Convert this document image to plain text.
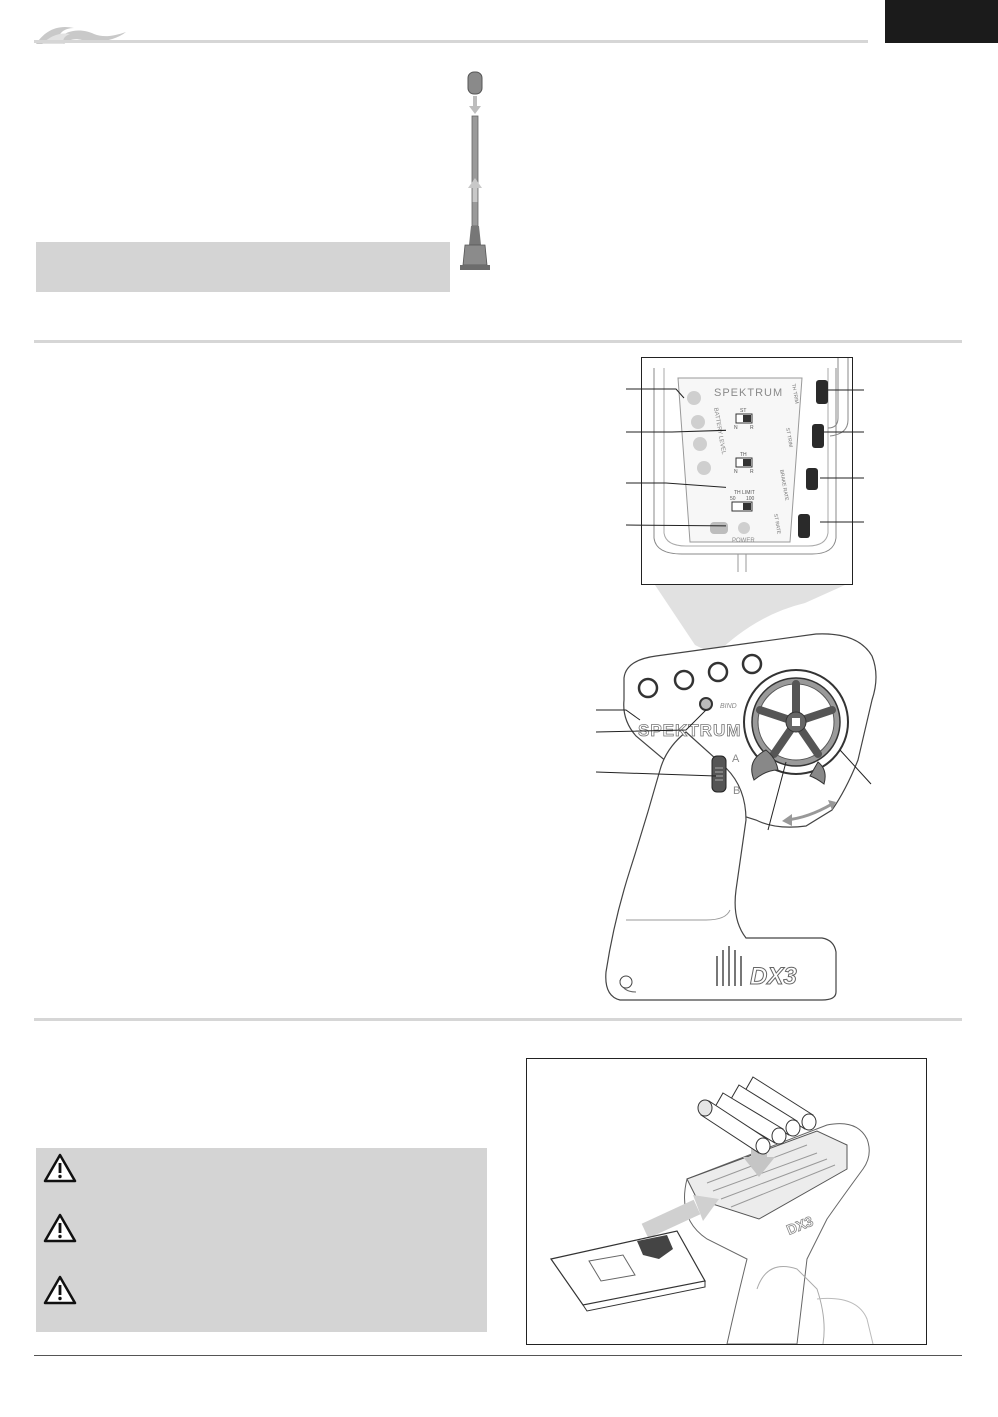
SPEKTRUM
BATTERY LEVEL	ST
N R
TH
N R
TH LIMIT
50 100
POWER
TH TRIM
ST TRIM
BRAKE RATE
ST RATE
BIND
SPEKTRUM
A
B
DX3
DX3
